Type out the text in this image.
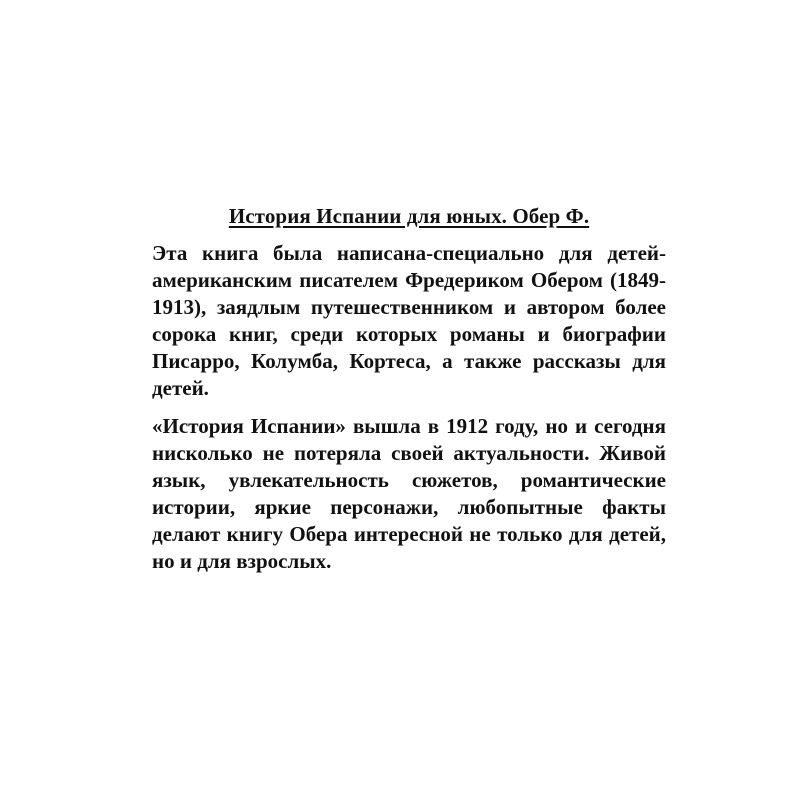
История Испании для юных. Обер Ф.

Эта книга была написана-специально для детей-американским писателем Фредериком Обером (1849-1913), заядлым путешественником и автором более сорока книг, среди которых романы и биографии Писарро, Колумба, Кортеса, а также рассказы для детей.

«История Испании» вышла в 1912 году, но и сегодня нисколько не потеряла своей актуальности. Живой язык, увлекательность сюжетов, романтические истории, яркие персонажи, любопытные факты делают книгу Обера интересной не только для детей, но и для взрослых.
